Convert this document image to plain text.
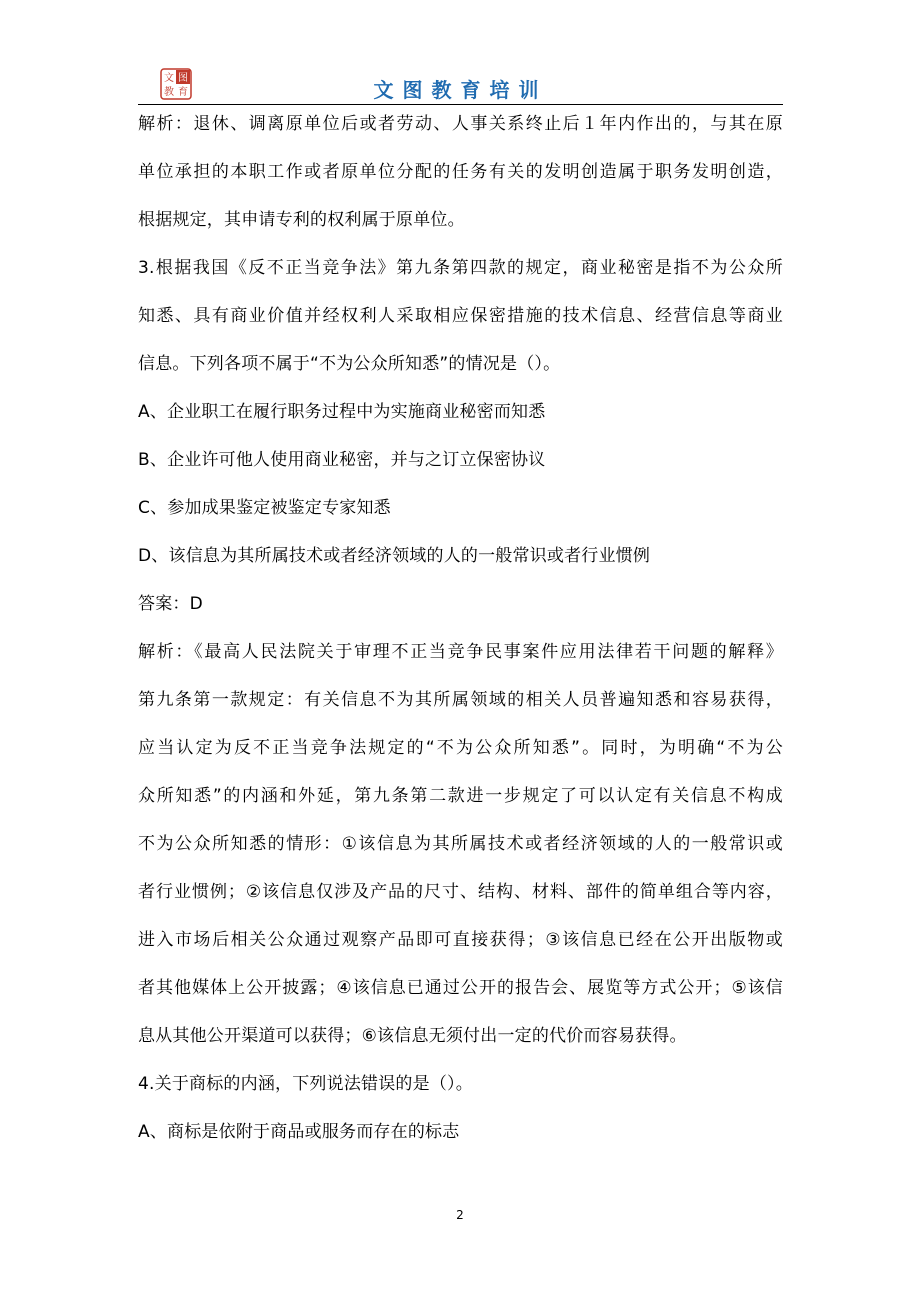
图
育
文
教	文图教育培训
解析：退休、调离原单位后或者劳动、人事关系终止后１年内作出的，与其在原
单位承担的本职工作或者原单位分配的任务有关的发明创造属于职务发明创造，
根据规定，其申请专利的权利属于原单位。
3.根据我国《反不正当竞争法》第九条第四款的规定，商业秘密是指不为公众所
知悉、具有商业价值并经权利人采取相应保密措施的技术信息、经营信息等商业
信息。下列各项不属于“不为公众所知悉”的情况是（）。
A、企业职工在履行职务过程中为实施商业秘密而知悉
B、企业许可他人使用商业秘密，并与之订立保密协议
C、参加成果鉴定被鉴定专家知悉
D、该信息为其所属技术或者经济领域的人的一般常识或者行业惯例
答案：D
解析：《最高人民法院关于审理不正当竞争民事案件应用法律若干问题的解释》
第九条第一款规定：有关信息不为其所属领域的相关人员普遍知悉和容易获得，
应当认定为反不正当竞争法规定的“不为公众所知悉”。同时，为明确“不为公
众所知悉”的内涵和外延，第九条第二款进一步规定了可以认定有关信息不构成
不为公众所知悉的情形：①该信息为其所属技术或者经济领域的人的一般常识或
者行业惯例；②该信息仅涉及产品的尺寸、结构、材料、部件的简单组合等内容，
进入市场后相关公众通过观察产品即可直接获得；③该信息已经在公开出版物或
者其他媒体上公开披露；④该信息已通过公开的报告会、展览等方式公开；⑤该信
息从其他公开渠道可以获得；⑥该信息无须付出一定的代价而容易获得。
4.关于商标的内涵，下列说法错误的是（）。
A、商标是依附于商品或服务而存在的标志
2
